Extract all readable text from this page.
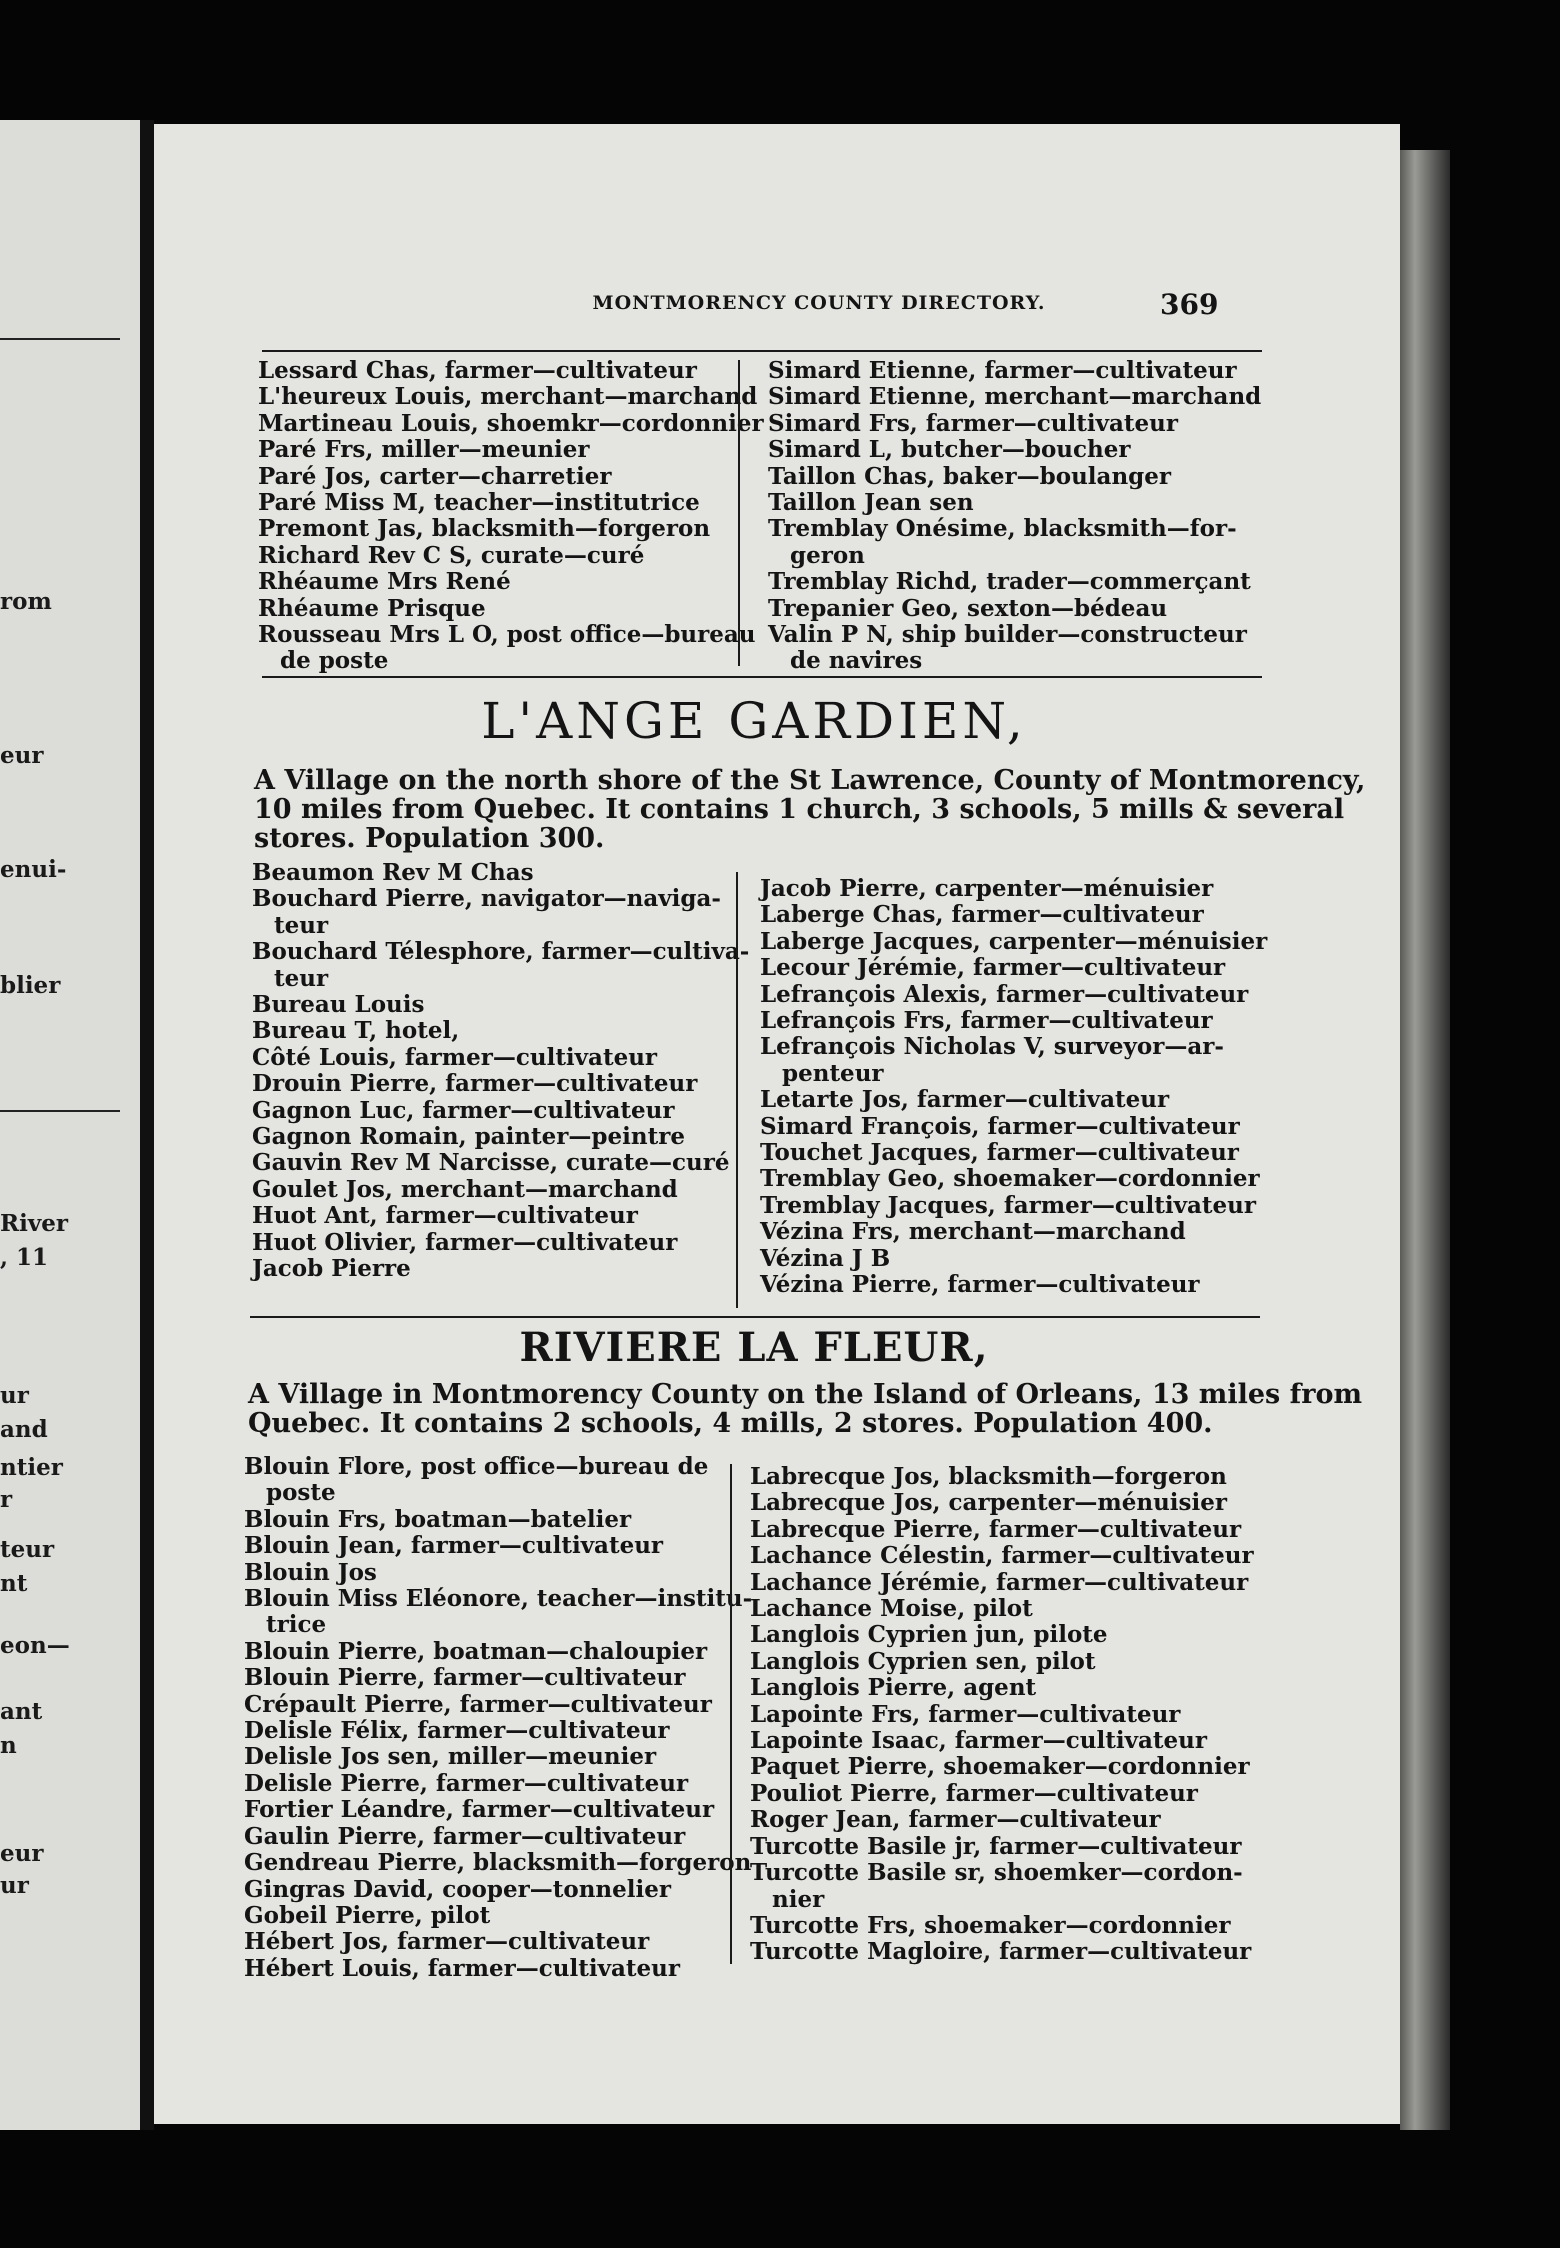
rom
eur
enui-
blier
River
, 11
ur
and
ntier
r
teur
nt
eon—
ant
n
eur
ur
MONTMORENCY COUNTY DIRECTORY.	369
Lessard Chas, farmer—cultivateur
L'heureux Louis, merchant—marchand
Martineau Louis, shoemkr—cordonnier
Paré Frs, miller—meunier
Paré Jos, carter—charretier
Paré Miss M, teacher—institutrice
Premont Jas, blacksmith—forgeron
Richard Rev C S, curate—curé
Rhéaume Mrs René
Rhéaume Prisque
Rousseau Mrs L O, post office—bureau
de poste
Simard Etienne, farmer—cultivateur
Simard Etienne, merchant—marchand
Simard Frs, farmer—cultivateur
Simard L, butcher—boucher
Taillon Chas, baker—boulanger
Taillon Jean sen
Tremblay Onésime, blacksmith—for-
geron
Tremblay Richd, trader—commerçant
Trepanier Geo, sexton—bédeau
Valin P N, ship builder—constructeur
de navires
L'ANGE GARDIEN,
A Village on the north shore of the St Lawrence, County of Montmorency,
10 miles from Quebec. It contains 1 church, 3 schools, 5 mills & several
stores. Population 300.
Beaumon Rev M Chas
Bouchard Pierre, navigator—naviga-
teur
Bouchard Télesphore, farmer—cultiva-
teur
Bureau Louis
Bureau T, hotel,
Côté Louis, farmer—cultivateur
Drouin Pierre, farmer—cultivateur
Gagnon Luc, farmer—cultivateur
Gagnon Romain, painter—peintre
Gauvin Rev M Narcisse, curate—curé
Goulet Jos, merchant—marchand
Huot Ant, farmer—cultivateur
Huot Olivier, farmer—cultivateur
Jacob Pierre
Jacob Pierre, carpenter—ménuisier
Laberge Chas, farmer—cultivateur
Laberge Jacques, carpenter—ménuisier
Lecour Jérémie, farmer—cultivateur
Lefrançois Alexis, farmer—cultivateur
Lefrançois Frs, farmer—cultivateur
Lefrançois Nicholas V, surveyor—ar-
penteur
Letarte Jos, farmer—cultivateur
Simard François, farmer—cultivateur
Touchet Jacques, farmer—cultivateur
Tremblay Geo, shoemaker—cordonnier
Tremblay Jacques, farmer—cultivateur
Vézina Frs, merchant—marchand
Vézina J B
Vézina Pierre, farmer—cultivateur
RIVIERE LA FLEUR,
A Village in Montmorency County on the Island of Orleans, 13 miles from
Quebec. It contains 2 schools, 4 mills, 2 stores. Population 400.
Blouin Flore, post office—bureau de
poste
Blouin Frs, boatman—batelier
Blouin Jean, farmer—cultivateur
Blouin Jos
Blouin Miss Eléonore, teacher—institu-
trice
Blouin Pierre, boatman—chaloupier
Blouin Pierre, farmer—cultivateur
Crépault Pierre, farmer—cultivateur
Delisle Félix, farmer—cultivateur
Delisle Jos sen, miller—meunier
Delisle Pierre, farmer—cultivateur
Fortier Léandre, farmer—cultivateur
Gaulin Pierre, farmer—cultivateur
Gendreau Pierre, blacksmith—forgeron
Gingras David, cooper—tonnelier
Gobeil Pierre, pilot
Hébert Jos, farmer—cultivateur
Hébert Louis, farmer—cultivateur
Labrecque Jos, blacksmith—forgeron
Labrecque Jos, carpenter—ménuisier
Labrecque Pierre, farmer—cultivateur
Lachance Célestin, farmer—cultivateur
Lachance Jérémie, farmer—cultivateur
Lachance Moise, pilot
Langlois Cyprien jun, pilote
Langlois Cyprien sen, pilot
Langlois Pierre, agent
Lapointe Frs, farmer—cultivateur
Lapointe Isaac, farmer—cultivateur
Paquet Pierre, shoemaker—cordonnier
Pouliot Pierre, farmer—cultivateur
Roger Jean, farmer—cultivateur
Turcotte Basile jr, farmer—cultivateur
Turcotte Basile sr, shoemker—cordon-
nier
Turcotte Frs, shoemaker—cordonnier
Turcotte Magloire, farmer—cultivateur
